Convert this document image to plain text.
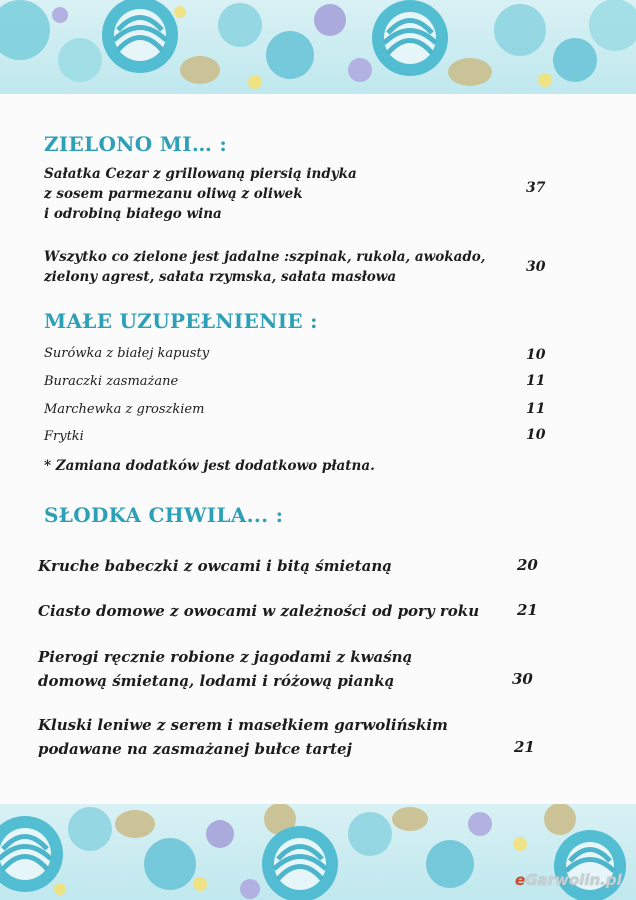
ZIELONO MI… :
Sałatka Cezar z grillowaną piersią indyka
z sosem parmezanu oliwą z oliwek
i odrobiną białego wina
37
Wszytko co zielone jest jadalne :szpinak, rukola, awokado,
zielony agrest, sałata rzymska, sałata masłowa
30
MAŁE UZUPEŁNIENIE :
Surówka z białej kapusty	10
Buraczki zasmażane	11
Marchewka z groszkiem	11
Frytki	10
* Zamiana dodatków jest dodatkowo płatna.
SŁODKA CHWILA... :
Kruche babeczki z owcami i bitą śmietaną	20
Ciasto domowe z owocami w zależności od pory roku	21
Pierogi ręcznie robione z jagodami z kwaśną
domową śmietaną, lodami i różową pianką	30
Kluski leniwe z serem i masełkiem garwolińskim
podawane na zasmażanej bułce tartej	21
eGarwolin.pl
